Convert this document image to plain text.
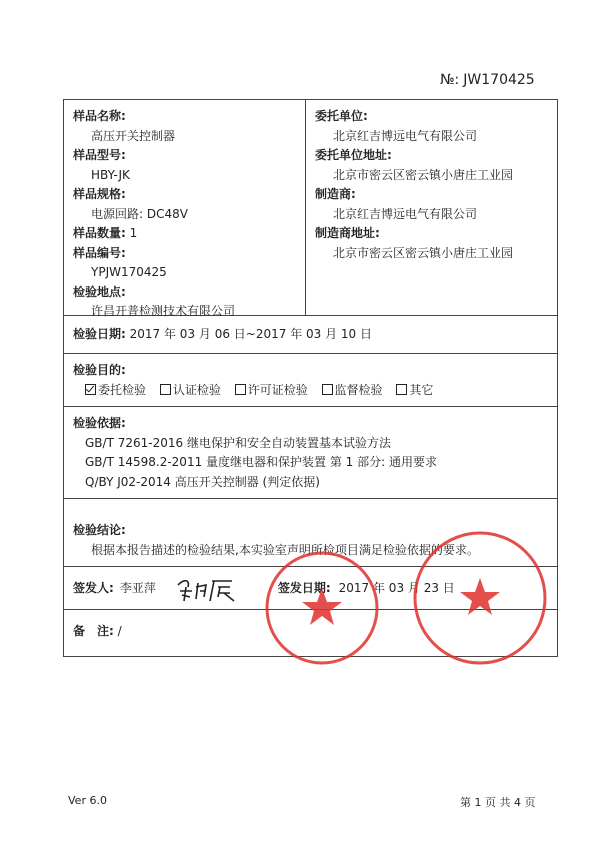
№: JW170425
样品名称:
高压开关控制器
样品型号:
HBY-JK
样品规格:
电源回路: DC48V
样品数量: 1
样品编号:
YPJW170425
检验地点:
许昌开普检测技术有限公司

委托单位:
北京红吉博远电气有限公司
委托单位地址:
北京市密云区密云镇小唐庄工业园
制造商:
北京红吉博远电气有限公司
制造商地址:
北京市密云区密云镇小唐庄工业园

检验日期: 2017 年 03 月 06 日~2017 年 03 月 10 日

检验目的:
委托检验 认证检验 许可证检验 监督检验 其它

检验依据:
GB/T 7261-2016 继电保护和安全自动装置基本试验方法
GB/T 14598.2-2011 量度继电器和保护装置 第 1 部分: 通用要求
Q/BY J02-2014 高压开关控制器 (判定依据)

检验结论:
根据本报告描述的检验结果,本实验室声明所检项目满足检验依据的要求。

签发人: 李亚萍	签发日期: 2017 年 03 月 23 日

备　注: /
Ver 6.0	第 1 页 共 4 页
